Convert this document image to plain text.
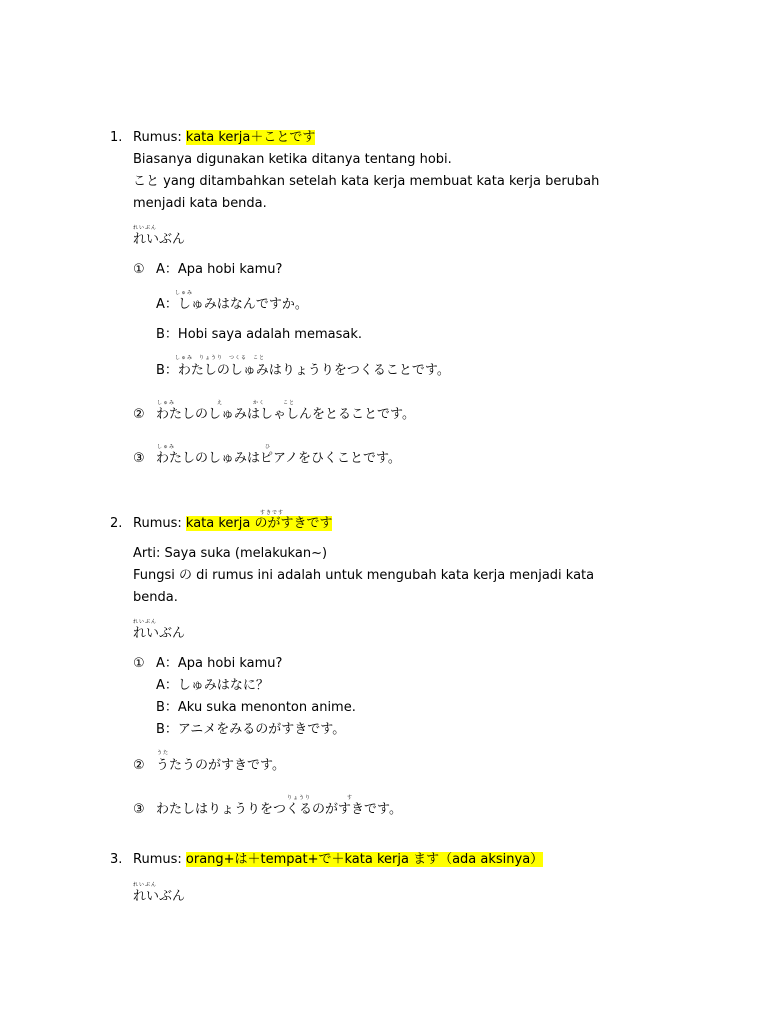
1. Rumus: kata kerja＋ことです
Biasanya digunakan ketika ditanya tentang hobi.
こと yang ditambahkan setelah kata kerja membuat kata kerja berubah
menjadi kata benda.
れいぶん
れいぶん
① A：Apa hobi kamu?
しゅみ
A：しゅみはなんですか。
B：Hobi saya adalah memasak.
しゅみ　りょうり　つくる　こと
B：わたしのしゅみはりょうりをつくることです。
②
しゅみ　　　　　　　え　　　　　かく　　　こと
わたしのしゅみはしゃしんをとることです。
③
しゅみ　　　　　　　　　　　　　　　ひ
わたしのしゅみはピアノをひくことです。
2.
すきです
Rumus: kata kerja のがすきです
Arti: Saya suka (melakukan~)
Fungsi の di rumus ini adalah untuk mengubah kata kerja menjadi kata
benda.
れいぶん
れいぶん
① A：Apa hobi kamu?
A：しゅみはなに？
B：Aku suka menonton anime.
B：アニメをみるのがすきです。
②
うた
うたうのがすきです。
③
りょうり　　　　　　す
わたしはりょうりをつくるのがすきです。
3. Rumus: orang+は＋tempat+で＋kata kerja ます（ada aksinya）
れいぶん
れいぶん
